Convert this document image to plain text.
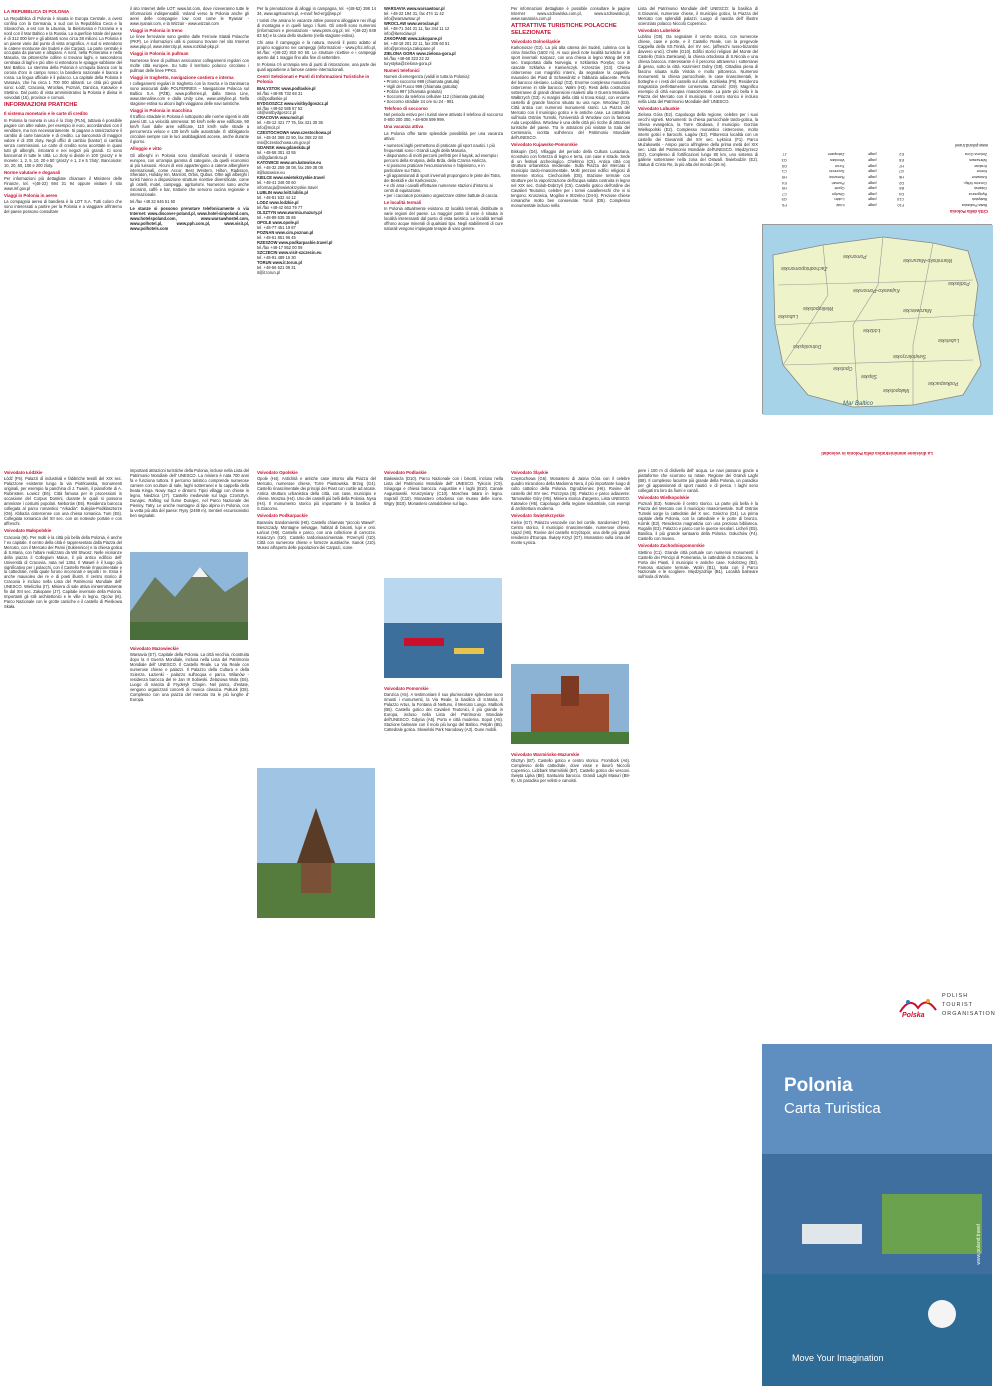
LA REPUBBLICA DI POLONIA

La Repubblica di Polonia è situata in Europa Centrale, a ovest confina con la Germania, a sud con la Repubblica Ceca e la Slovacchia, a est con la Lituania, la Bielorussia e l'Ucraina e a nord con il Mar Baltico e la Russia. La superficie totale del paese è di 312 000 km² e gli abitanti sono circa 38 milioni. La Polonia è un paese vario dal punto di vista orografico. A sud si estendono le catene montuose dei Sudeti e dei Carpazi. La parte centrale è occupata da pianure e altopiani. A nord, nella Pomerania e nella Masuria, tra pittoresche colline si trovano laghi, e nascondono centinaia di laghi e più oltre si estendono le spiagge sabbiose del Mar Baltico. Lo stemma della Polonia è un'aquila bianca con la corona d'oro in campo rosso; la bandiera nazionale è bianca e rossa. La lingua ufficiale è il polacco. La capitale della Polonia è Varsavia, che ha circa 1 700 000 abitanti. Le città più grandi sono: Łódź, Cracovia, Wrocław, Poznań, Danzica, Katowice e Stettino. Dal punto di vista amministrativo la Polonia è divisa in voivodati (16), province e comuni.

INFORMAZIONI PRATICHE
Il sistema monetario e le carte di credito

In Polonia la moneta in uso è lo zloty (PLN), tuttavia è possibile pagare con altre valute, per esempio in euro, accordandosi con il venditore, ma non necessariamente. Si pagano a rateizzazione il cambio di carte bancarie e di credito. La banconota di maggior valore è di 200 zloty. Negli uffici di cambio (kantor) si cambia senza commissioni. Le carte di credito sono accettate in quasi tutti gli alberghi, ristoranti e nei negozi più grandi. Ci sono bancomat in tutte le città. Lo zloty si divide in 100 'groszy' e le monete: 1, 2, 5, 10, 20 e 50 'groszy' e 1, 2 e 5 'zloty'. Banconote: 10, 20, 50, 100 e 200 zloty.

Norme valutarie e doganali

Per informazioni più dettagliate chiamare il Ministero delle Finanze, tel. +(48-22) 694 31 94 oppure visitare il sito www.mf.gov.pl

Viaggi in Polonia in aereo

La compagnia aerea di bandiera è la LOT S.A. Tutti coloro che sono interessati a partire per la Polonia e a viaggiare all'interno del paese possono consultare

il sito Internet delle LOT: www.lot.com, dove riceveranno tutte le informazioni indispensabili. Voland verso la Polonia anche gli aerei delle compagnie low cost come le Ryanair - www.ryanair.com, e la Wizzair - www.wizzair.com

Viaggi in Polonia in treno

Le linee ferroviarie sono gestite dalle Ferrovie Statali Polacche (PKP). Le informazioni utili si possono trovare nel sito Internet www.pkp.pl, www.intercity.pl, www.rozklad-pkp.pl

Viaggi in Polonia in pullman

Numerose linee di pullman assicurano collegamenti regolari con molte città europee. Su tutto il territorio polacco circolano i pullman delle linee PPKS.

Viaggi in traghetto, navigazione costiera e interna

I collegamenti regolari in traghetto con la Svezia e la Danimarca sono assicurati dalle POLFERRIES – Navigazione Polacca sul Baltico S.A. (PŻB), www.polferries.pl, dalla Stena Line, www.stenaline.com e dalla Unity Line, www.unityline.pl. Nella stagione estiva su alcuni laghi viaggiano delle navi turistiche.

Viaggi in Polonia in macchina

Il traffico stradale in Polonia è sottoposto alle norme vigenti in altri paesi UE. La velocità ammessa: 50 km/h nelle aree edificate, 90 km/h fuori dalle aree edificate, 110 km/h sulle strade a percorrenza veloce e 130 km/h sulle autostrade. È obbligatorio circolare sempre con le luci anabbaglianti accese, anche durante il giorno.

Alloggio e vitto

Gli alberghi in Polonia sono classificati secondo il sistema europeo, con un'ampia gamma di categorie, da quelli economici ai più lussuosi. Alcuni di essi appartengono a catene alberghiere internazionali, come Accor, Best Western, Hilton, Radisson, Sheraton, Holiday Inn, Marriott, Orbis, Qubus. Oltre agli alberghi i turisti hanno a disposizione strutture ricettive diversificate, come gli ostelli, motel, campeggi, agriturismi. Numerosi sono anche ristoranti, caffè e bar, trattorie che servono cucina regionale e internazionale.

tel./fax +48 22 646 51 50

Le stanze si possono prenotare telefonicamente o via Internet: www.discover-poland.pl, www.hotel-sinpoland.com, www.hotelspoland.com, www.warsawhostel.com, www.polhotel.pl, www.pph.com.pl, www.visit.pl, www.polhotels.com

Per la prenotazione di alloggi in campagna, tel. +(48-52) 398 14 34, www.agritourism.pl, e-mail: fed-erg@wp.pl

I turisti che amano le vacanze attive possono alloggiare nei rifugi di montagna e in quelli lungo i fiumi. Gli ostelli sono numerosi (informazioni e prenotazioni - www.ptsm.org.pl, tel. +(48-22) 849 83 54) e la casa dello studente (nella stagione estiva).

Chi ama il campeggio e la natura, troverà il posto adatto al proprio soggiorno nei campeggi (informazioni - www.pfcc.info.pl, tel./fax: +(48-22) 810 60 50. Le strutture ricettive e i campeggi aperte dal 1 maggio fino alla fine di settembre.

In Polonia c'è un'ampia rete di punti di ristorazione, una parte dei quali appartiene a famose catene internazionali.

Centri Selezionati e Punti di Informazioni Turistiche in Polonia
BIALYSTOK www.podlaskie.pl
tel./fax +48-85 732 68 31
cit@podlaskie.pl
BYDGOSZCZ www.visitbydgoszcz.pl
tel./fax +48-52 585 87 52
cit@visitbydgoszcz.pl
CRACOVIA www.mcit.pl
tel. +48-12 421 77 76, fax 421 30 36
info@mcit.pl
CZESTOCHOWA www.czestochowa.pl
tel. +48-34 368 22 50, fax 368 22 60
msi@czestochowa.um.gov.pl
GDANSK www.gdansk4u.pl
tel. +48-58 301 43 55
cit@gdansk4u.pl
KATOWICE www.um.katowice.eu
tel. +48-32 259 38 08, fax 259 38 08
it@katowice.eu
KIELCE www.swietokrzyskie.travel
tel. +48-41 348 00 60
informacja@swietokrzyskie.travel
LUBLIN www.loitt.lublin.pl
tel. +48-81 532 44 12
LODZ www.lodzkie.pl
tel./fax +48-42 663 79 77
OLSZTYN www.warmia.mazury.pl
tel. +48-89 535 35 65
OPOLE www.opole.pl
tel. +48-77 451 19 87
POZNAN www.cim.poznan.pl
tel. +48-61 851 96 45
RZESZOW www.podkarpackie.travel.pl
tel./fax +48-17 852 00 09
SZCZECIN www.visit-szczecin.eu
tel. +48-91 489 16 30
TORUN www.it.torun.pl
tel. +48-56 621 09 31
it@it.torun.pl
WARSAVIA www.warsawtour.pl
tel. +48-22 194 31, fax 474 11 42
info@warsawtour.pl
WROCLAW www.wroclaw.pl
tel. +48-71 344 31 11, fax 344 11 12
info@itwroclaw.pl
ZAKOPANE www.zakopane.pl
tel. +48-18 201 22 11, fax 206 60 51
info@promocja.zakopane.pl
ZIELONA GORA www.zielona-gora.pl
tel./fax +48-68 323 22 22
turystyka@zielona-gora.pl
Numeri telefonici
Numeri di emergenza (validi in tutta la Polonia):
• Pronto soccorso 999 (chiamata gratuita)
• Vigili del Fuoco 998 (chiamata gratuita)
• Polizia 997 (chiamata gratuita)
• Soccorso da telefono cellulare 112 (chiamata gratuita)
• Soccorso stradale 24 ore su 24 - 981
Telefono di soccorso

Nel periodo estivo per i turisti viene attivato il telefono di soccorso 0-800 200 300, +48-608 599 999.

Una vacanza attiva

La Polonia offre tante splendide possibilità per una vacanza attiva:

• numerosi laghi permettono di praticare gli sport nautici. I più frequentati sono i Grandi Laghi della Masuria,
• disponiamo di molti percorsi perfetti per il kayak, ad esempio i percorsi della Krutynia, della Brda, della Czarna Hańcza,
• si possono praticare l'escursionismo e l'alpinismo, e in particolare sui Tatra,
• gli appassionati di sport invernali propongono le piste dei Tatra, dei Beskidi e dei Karkonosze,
• e chi ama i cavalli effettuare numerose stazioni d'intorno ai centri di equitazione,
• per i cacciatori possiamo organizzare ottime battute di caccia.
Le località termali

In Polonia attualmente esistono 42 località termali, distribuite in varie regioni del paese. La maggior parte di esse è situata in località interessanti dal punto di vista turistico. Le località termali offrono acque minerali di qualsiasi tipo. Negli stabilimenti di cure naturali vengono impiegate terapie di varo genere.

Per informazioni dettagliate è possibile consultare le pagine Internet www.uzdrowiska.com.pl, www.uzdrowisko.pl, www.sanatoria.com.pl

ATTRATTIVE TURISTICHE POLACCHE SELEZIONATE
Voivodato Dolnośląskie

Karkonosze (G2). La più alta catena dei Sudeti, culmina con la cima Śnieżka (1602 m). Ai suoi piedi note località turistiche e di sport invernali: Karpacz, con una chiesa in legno Wang del XIII sec. trasportata dalla Norvegia, e Szklarska Poręba; con le cascate Szklarka e Kamieńczyk. Krzeszów (G3). Chiesa cistercense con magnifici interni, da segnalare la cappella-mausoleo dei Piast di Schweidnitz e l'abbazia adiacente. Perla del barocco slesiano. Lubiąż (G3). Enorme complesso monastico cistercense in stile barocco. Wałm (H3). Resti della costruzioni sotterranee di grandi dimensioni risalenti alla II Guerra Mondiale. Wałbrzych (G3). Ai margini della città si trova Książ, con enorme castello di grande fascino situato su una rupe. Wrocław (G3). Città antica con numerosi monumenti storici. La Piazza del Mercato con il municipio gotico e le antiche case. La cattedrale sull'isola Ostrów Tumski, l'Università di Wrocław con la famosa Aula Leopoldina. Wrocław è una delle città più ricche di attrazioni turistiche del paese. Tra le attrazioni più visitate la Sala del Centenario, iscritta sull'elenco del Patrimonio Mondiale dell'UNESCO.

Voivodato Kujawsko-Pomorskie

Biskupin (D4). Villaggio del periodo della Cultura Lusaziana, ricostruito con fortezza di legno e terra, con case e strade. Sede di un festival archeologico. Chełmno (C5). Antica città con struttura urbanistica medievale. Sulla Piazza del Mercato il municipio tardo-rinascimentale. Molti preziosi edifici religiosi di interesse storico. Ciechocinek (D5). Stazione termale con strutture per la vaporizzazione dell'acqua salata costruita in legno nel XIX sec. Golub-Dobrzyń (C5). Castello gotico dell'ordine dei Cavalieri Teutonici, celebre per i tornei cavallereschi che vi si tengono. Kruszwica, Mogilno e Strzelno (D4-5). Preziose chiese romaniche molto ben conservate. Toruń (D5). Complesso monumentale incluso nella

Lista del Patrimonio Mondiale dell' UNESCO: la basilica di S.Giovanni, numerose chiese, il municipio gotico, la Piazza del Mercato con splendidi palazzi. Luogo di nascita dell' illustre scienziato polacco Niccolò Copernico.

Voivodato Lubelskie

Lublino (G9). Da segnalare il centro storico, con numerose chiese, case e porte, e il Castello Reale, con la pregevole Cappella della SS.Trinità, del XV sec. (affreschi russo-bizantini davvero unici). Chełm (G10). Edifici storici religiosi del Monte del Castello (Góra Zamkowa), la chiesa ortodossa di S.Nicola e una chiesa barocca. Interessante è il percorso attraverso i sotterranei di gesso, sotto la città. Kazimierz Dolny (G8). Cittadina piena di fascino situata sulla Vistola e molto pittoresca. Numerosi monumenti: la chiesa parrocchiale, le case rinascimentali, le botteghe e i resti del castello sul colle. Kozłówka (F9). Residenza magnatizia perfettamente conservata. Zamość (G9). Magnifico esempio di città europea rinascimentale. La parte più bella è la Piazza del Mercato con il municipio. Il centro storico è incluso nella Lista del Patrimonio Mondiale dell' UNESCO.

Voivodato Lubuskie

Zielona Góra (E2). Capoluogo della regione, celebre per i suoi vecchi vigneti. Monumenti: la chiesa parrocchiale tardo-gotica, la chiesa evangelica, la Torre Głodowa, il municipio. Gorzów Wielkopolski (E2). Complesso monastico cistercense, molto interni gotici e barocchi. Łagów (E2). Pittoresca località con un castello dei Giovanniti del XIV sec. Łęknica (F1). Parco Mużakowski - Ampio parco all'inglese della prima metà del XIX sec. Lista del Patrimonio Mondiale dell'UNESCO. Międzyrzecz (E2). Complesso di fortificazioni lungo 80 km, uno sistema di gallerie sotterranee nella zona del Ostwall. Świebodzin (E2). Statua di Cristo Re, la più alta del mondo (36 m).

Città della Polonia
Biała Podlaska	F10	page	Łódź	F6
Białystok	C10	page	Lublin	G9
Bydgoszcz	D4	page	Olsztyn	C7
Gdańsk	B5	page	Opole	H5
Gorzów Wlkp.	D2	page	Poznań	E4
Katowice	H6	page	Rzeszów	H9
Kielce	G7	page	Szczecin	C1
Kraków	H7	page	Toruń	D5
Warszawa	E8	page	Wrocław	G3
Zielona Góra	E2	page	Zakopane	J7
www.poland.travel
Pomorskie
Zachodniopomorskie
Warmińsko-Mazurskie
Podlaskie
Kujawsko-Pomorskie
Wielkopolskie	Mazowieckie
Lubuskie
Łódzkie
Lubelskie
Dolnośląskie
Opolskie
Śląskie
Świętokrzyskie
Małopolskie
Podkarpackie
Mar Baltico
La divisione amministrativa della Polonia in voivodati
Voivodato Łódzkie

Łódź (F6). Palazzi di industriali e fabbriche tessili del XIX sec. Palazzone esistente lungo la via Piotrkowska, monumenti originali, per esempio la panchina di J. Tuwim, il pianoforte di A. Rubinstein. Łowicz (E6). Città famosa per le processioni in occasione del Corpus Domini, durante le quali si possono ammirare i costumi popolari. Nieborów (E6). Residenza barocca collegata al parco romantico "Arkadia". Sulejów-Podklasztorze (G6). Abbazia cistercense con una chiesa romanica. Tum (E6). Collegiata romanica del XII sec. con un notevole portale e con affreschi.

Voivodato Małopolskie

Cracovia (I6). Per molti è la città più bella della Polonia, è anche l' ex capitale. Il centro della città è rappresentato dalla Piazza del Mercato, con il Mercato dei Panni (Sukiennice) e la chiesa gotica di S.Maria, con l'altare realizzato da Wit Stwosz. Nelle vicinanze della piazza il Collegium Maius, il più antico edificio dell' Università di Cracovia, nata nel 1364. Il Wawel è il luogo più significativo per i polacchi, con il Castello Reale rinascimentale e la cattedrale, nella quale furono incoronati e sepolti i re. Essa è anche mausoleo dei re e di poeti illustri. Il centro storico di Cracovia è incluso nella Lista del Patrimonio Mondiale dell' UNESCO. Wieliczka (I7). Miniera di sale attiva ininterrottamente fin dal XIII sec. Zakopane (J7). Capitale invernale della Polonia. Importanti gli stili architettonici e le ville in legno. Ojców (I6). Parco Nazionale con le grotte carsiche e il castello di Pieskowa Skała.

importanti attrazioni turistiche della Polonia, incluse nella Lista del Patrimonio Mondiale dell' UNESCO. La miniera è nata 700 anni fa e funziona tuttora. Il percorso turistico comprende numerose camere con sculture di sale, laghi sotterranei e la cappella della beata Kinga. Nowy Sącz e dintorni. Tipici villaggi con chiese in legno. Niedzica (J7). Castello medievale sul lago Czorsztyn. Dunajec. Rafting sul fiume Dunajec, nel Parco Nazionale dei Pieniny. Tatry. Le uniche montagne di tipo alpino in Polonia, con la vetta più alta del paese: Rysy (2499 m). Sentieri escursionistici ben segnalati.

Voivodato Mazowieckie

Warsavia (E7). Capitale della Polonia. La città vecchia, ricostruita dopo la II Guerra Mondiale, inclusa nella Lista del Patrimonio Mondiale dell' UNESCO. Il Castello Reale. La Via Reale con numerose chiese e palazzi. Il Palazzo della Cultura e della Scienza. Łazienki - palazzo sull'acqua e parco. Wilanów - residenza barocca del re Jan III Sobieski. Żelazowa Wola (E6). Luogo di nascita di Fryderyk Chopin. Nel parco, d'estate, vengono organizzati concerti di musica classica. Pułtusk (D8). Complesso con una piazza del mercato tra le più lunghe d' Europa.

Voivodato Opolskie

Opole (H4). Antichità e antiche case intorno alla Piazza del Mercato, numerose chiese, Torre Piastowska. Brzeg (G4). Castello rinascimentale dei principi dei Piast con cortile ad arcate. Antica struttura urbanistica della città, con case, municipio e chiese. Moszna (H4). Uno dei castelli più belli della Polonia. Nysa (H4). Il monumento storico più importante è la basilica di S.Giacomo.

Voivodato Podkarpackie

Baranów Sandomierski (H8). Castello chiamato "piccolo Wawel". Bieszczady. Montagne selvagge, habitat di bisonti, lupi e orsi. Łańcut (H9). Castello e parco, con una collezione di carrozze. Krasiczyn (I10). Castello tardorinascimentale. Przemyśl (I10). Città con numerose chiese e fortezze austriache. Sanok (J10). Museo all'aperto delle popolazioni dei Carpazi, icone.

Voivodato Podlaskie

Białowieża (D10). Parco Nazionale con i bisonti, incluso nella Lista del Patrimonio Mondiale dell' UNESCO. Tykocin (C9). Sinagoga e chiesa barocca. Augustów e i laghi (B10). Canale Augustowski. Kruszyniany (C10). Moschea tatara in legno. Supraśl (C10). Monastero ortodosso con museo delle icone. Wigry (B10). Monastero camaldolese sul lago.

Voivodato Pomorskie

Danzica (A5). A testimoniare il suo plurisecolare splendore sono rimasti i monumenti, la Via Reale, la basilica di S.Maria, il Palazzo Artus, la Fontana di Nettuno, il Mercato Lungo. Malbork (B6). Castello gotico dei Cavalieri Teutonici, il più grande in Europa, incluso nella Lista del Patrimonio Mondiale dell'UNESCO. Gdynia (A5). Porto e città moderna. Sopot (A5). Stazione balneare con il molo più lungo del Baltico. Pelplin (B5). Cattedrale gotica. Słowiński Park Narodowy (A3). Dune mobili.

Voivodato Śląskie

Częstochowa (G6). Monastero di Jasna Góra con il celebre quadro miracoloso della Madonna Nera, il più importante luogo di culto cattolico della Polonia. Ogrodzieniec (H6). Rovine del castello del XIV sec. Pszczyna (I5). Palazzo e parco adiacente. Tarnowskie Góry (H5). Miniera storica d'argento, Lista UNESCO. Katowice (H5). Capoluogo della regione industriale, con esempi di architettura moderna.

Voivodato Świętokrzyskie

Kielce (G7). Palazzo vescovile con bel cortile. Sandomierz (H8). Centro storico, il municipio rinascimentale, numerose chiese. Ujazd (H8). Rovine del castello Krzyżtopór, una delle più grandi residenze d'Europa. Święty Krzyż (G7). Monastero sulla cima del monte Łysica.

Voivodato Warmińsko-Mazurskie

Olsztyn (B7). Castello gotico e centro storico. Frombork (A6). Complesso della cattedrale, dove visse e lavorò Niccolò Copernico. Lidzbark Warmiński (B7). Castello gotico dei vescovi. Święta Lipka (B8). Santuario barocco. Grandi Laghi Masuri (B8-9). Un paradiso per velisti e canoisti.

pere i 100 m di dislivello dell' acqua. Le navi passano grazie a piattaforme che scorrono su rotaie. Regione dei Grandi Laghi (B8). Il complesso lacustre più grande della Polonia, un paradiso per gli appassionati di sport nautici e di pesca. I laghi sono collegati tra loro da fiumi e canali.

Voivodato Wielkopolskie

Poznań (E3). Notevole il centro storico. La parte più bella è la Piazza del Mercato con il municipio rinascimentale. Sull' Ostrów Tumski sorge la cattedrale del X sec. Gniezno (D4). La prima capitale della Polonia, con la cattedrale e le porte di bronzo. Kórnik (E3). Residenza magnatizia con una preziosa biblioteca. Rogalin (E3). Palazzo e parco con le querce secolari. Licheń (E5). Basilica, il più grande santuario della Polonia. Gołuchów (F4). Castello con museo.

Voivodato Zachodniopomorskie

Stettino (C1). Grande città portuale con numerosi monumenti: il Castello dei Principi di Pomerania, la cattedrale di S.Giacomo, la Porta dei Piasti, il municipio e antiche case. Kołobrzeg (B2). Famosa stazione termale. Wolin (B1). Isola con il Parco Nazionale e le scogliere. Międzyzdroje (B1). Località balneare sull'isola di Wolin.

Polska
POLISH
TOURIST
ORGANISATION
Polonia
Carta Turistica
Move Your Imagination
www.poland.travel
